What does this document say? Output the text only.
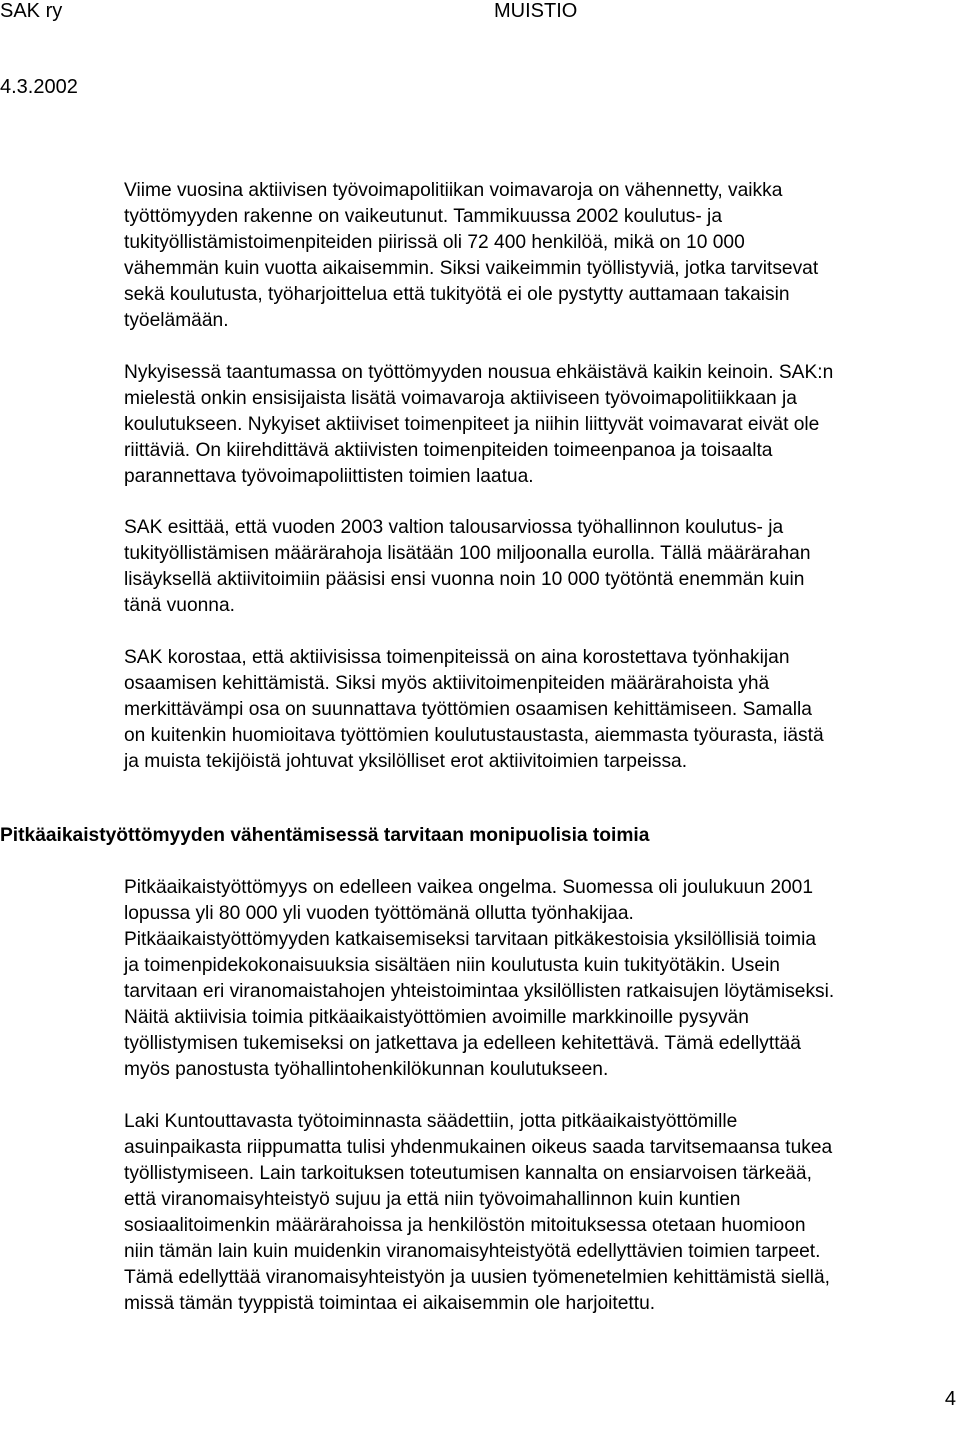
SAK ry	MUISTIO
4.3.2002
Viime vuosina aktiivisen työvoimapolitiikan voimavaroja on vähennetty, vaikka
työttömyyden rakenne on vaikeutunut. Tammikuussa 2002 koulutus- ja
tukityöllistämistoimenpiteiden piirissä oli 72 400 henkilöä, mikä on 10 000
vähemmän kuin vuotta aikaisemmin. Siksi vaikeimmin työllistyviä, jotka tarvitsevat
sekä koulutusta, työharjoittelua että tukityötä ei ole pystytty auttamaan takaisin
työelämään.
Nykyisessä taantumassa on työttömyyden nousua ehkäistävä kaikin keinoin. SAK:n
mielestä onkin ensisijaista lisätä voimavaroja aktiiviseen työvoimapolitiikkaan ja
koulutukseen. Nykyiset aktiiviset toimenpiteet ja niihin liittyvät voimavarat eivät ole
riittäviä. On kiirehdittävä aktiivisten toimenpiteiden toimeenpanoa ja toisaalta
parannettava työvoimapoliittisten toimien laatua.
SAK esittää, että vuoden 2003 valtion talousarviossa työhallinnon koulutus- ja
tukityöllistämisen määrärahoja lisätään 100 miljoonalla eurolla. Tällä määrärahan
lisäyksellä aktiivitoimiin pääsisi ensi vuonna noin 10 000 työtöntä enemmän kuin
tänä vuonna.
SAK korostaa, että aktiivisissa toimenpiteissä on aina korostettava työnhakijan
osaamisen kehittämistä. Siksi myös aktiivitoimenpiteiden määrärahoista yhä
merkittävämpi osa on suunnattava työttömien osaamisen kehittämiseen. Samalla
on kuitenkin huomioitava työttömien koulutustaustasta, aiemmasta työurasta, iästä
ja muista tekijöistä johtuvat yksilölliset erot aktiivitoimien tarpeissa.
Pitkäaikaistyöttömyyden vähentämisessä tarvitaan monipuolisia toimia
Pitkäaikaistyöttömyys on edelleen vaikea ongelma. Suomessa oli joulukuun 2001
lopussa yli 80 000 yli vuoden työttömänä ollutta työnhakijaa.
Pitkäaikaistyöttömyyden katkaisemiseksi tarvitaan pitkäkestoisia yksilöllisiä toimia
ja toimenpidekokonaisuuksia sisältäen niin koulutusta kuin tukityötäkin. Usein
tarvitaan eri viranomaistahojen yhteistoimintaa yksilöllisten ratkaisujen löytämiseksi.
Näitä aktiivisia toimia pitkäaikaistyöttömien avoimille markkinoille pysyvän
työllistymisen tukemiseksi on jatkettava ja edelleen kehitettävä. Tämä edellyttää
myös panostusta työhallintohenkilökunnan koulutukseen.
Laki Kuntouttavasta työtoiminnasta säädettiin, jotta pitkäaikaistyöttömille
asuinpaikasta riippumatta tulisi yhdenmukainen oikeus saada tarvitsemaansa tukea
työllistymiseen. Lain tarkoituksen toteutumisen kannalta on ensiarvoisen tärkeää,
että viranomaisyhteistyö sujuu ja että niin työvoimahallinnon kuin kuntien
sosiaalitoimenkin määrärahoissa ja henkilöstön mitoituksessa otetaan huomioon
niin tämän lain kuin muidenkin viranomaisyhteistyötä edellyttävien toimien tarpeet.
Tämä edellyttää viranomaisyhteistyön ja uusien työmenetelmien kehittämistä siellä,
missä tämän tyyppistä toimintaa ei aikaisemmin ole harjoitettu.
4
